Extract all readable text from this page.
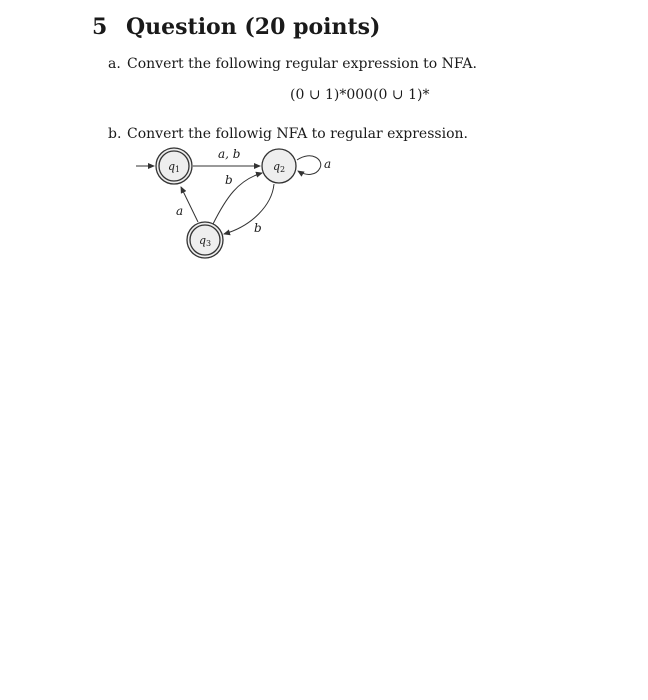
5 Question (20 points)
a. Convert the following regular expression to NFA.
(0 ∪ 1)*000(0 ∪ 1)*
b. Convert the followig NFA to regular expression.
a, b
a
b
b
a
q1	q2
q3
